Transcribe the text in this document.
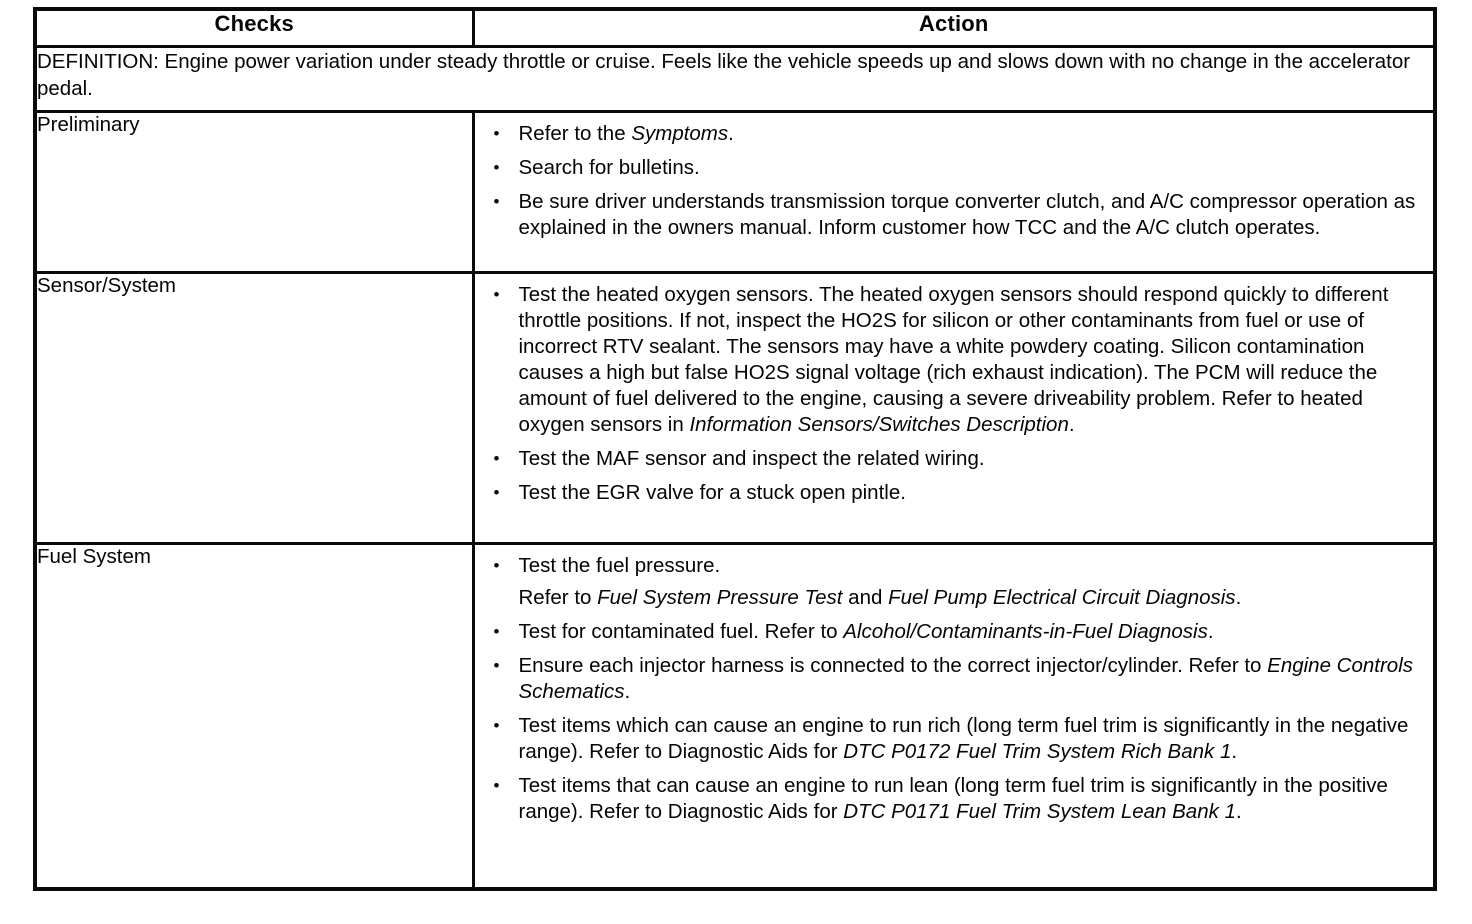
Checks	Action
DEFINITION: Engine power variation under steady throttle or cruise. Feels like the vehicle speeds up and slows down with no change in the accelerator pedal.	
Preliminary	• Refer to the Symptoms.
• Search for bulletins.
• Be sure driver understands transmission torque converter clutch, and A/C compressor operation as explained in the owners manual. Inform customer how TCC and the A/C clutch operates.

Sensor/System	• Test the heated oxygen sensors. The heated oxygen sensors should respond quickly to different throttle positions. If not, inspect the HO2S for silicon or other contaminants from fuel or use of incorrect RTV sealant. The sensors may have a white powdery coating. Silicon contamination causes a high but false HO2S signal voltage (rich exhaust indication). The PCM will reduce the amount of fuel delivered to the engine, causing a severe driveability problem. Refer to heated oxygen sensors in Information Sensors/Switches Description.
• Test the MAF sensor and inspect the related wiring.
• Test the EGR valve for a stuck open pintle.

Fuel System	• Test the fuel pressure.
Refer to Fuel System Pressure Test and Fuel Pump Electrical Circuit Diagnosis.
• Test for contaminated fuel. Refer to Alcohol/Contaminants-in-Fuel Diagnosis.
• Ensure each injector harness is connected to the correct injector/cylinder. Refer to Engine Controls Schematics.
• Test items which can cause an engine to run rich (long term fuel trim is significantly in the negative range). Refer to Diagnostic Aids for DTC P0172 Fuel Trim System Rich Bank 1.
• Test items that can cause an engine to run lean (long term fuel trim is significantly in the positive range). Refer to Diagnostic Aids for DTC P0171 Fuel Trim System Lean Bank 1.
